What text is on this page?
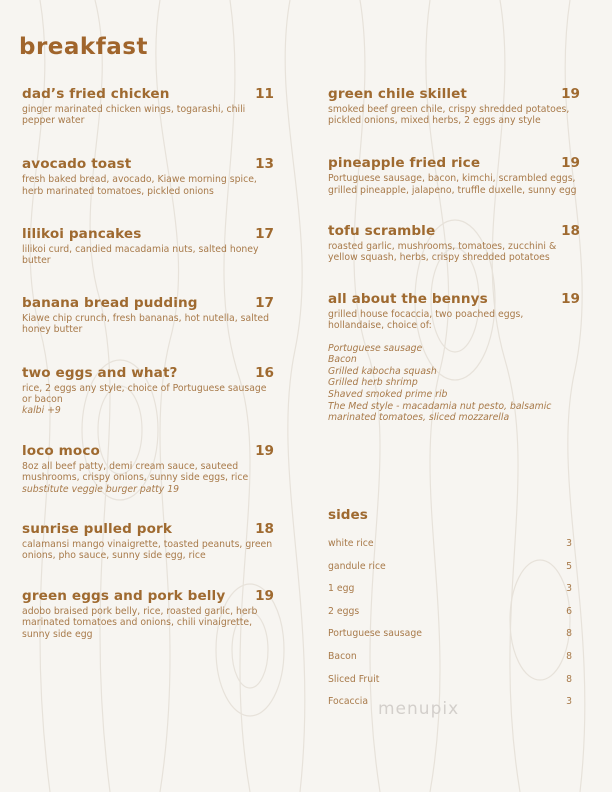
breakfast
dad’s fried chicken	11
ginger marinated chicken wings, togarashi, chili pepper water
avocado toast	13
fresh baked bread, avocado, Kiawe morning spice, herb marinated tomatoes, pickled onions
lilikoi pancakes	17
lilikoi curd, candied macadamia nuts, salted honey butter
banana bread pudding	17
Kiawe chip crunch, fresh bananas, hot nutella, salted honey butter
two eggs and what?	16
rice, 2 eggs any style, choice of Portuguese sausage or bacon
kalbi +9
loco moco	19
8oz all beef patty, demi cream sauce, sauteed mushrooms, crispy onions, sunny side eggs, rice
substitute veggie burger patty 19
sunrise pulled pork	18
calamansi mango vinaigrette, toasted peanuts, green onions, pho sauce, sunny side egg, rice
green eggs and pork belly 19
adobo braised pork belly, rice, roasted garlic, herb marinated tomatoes and onions, chili vinaigrette, sunny side egg
green chile skillet	19
smoked beef green chile, crispy shredded potatoes, pickled onions, mixed herbs, 2 eggs any style
pineapple fried rice	19
Portuguese sausage, bacon, kimchi, scrambled eggs, grilled pineapple, jalapeno, truffle duxelle, sunny egg
tofu scramble	18
roasted garlic, mushrooms, tomatoes, zucchini & yellow squash, herbs, crispy shredded potatoes
all about the bennys	19
grilled house focaccia, two poached eggs, hollandaise, choice of:
Portuguese sausage
Bacon
Grilled kabocha squash
Grilled herb shrimp
Shaved smoked prime rib
The Med style - macadamia nut pesto, balsamic marinated tomatoes, sliced mozzarella
sides
white rice	3
gandule rice	5
1 egg	3
2 eggs	6
Portuguese sausage	8
Bacon	8
Sliced Fruit	8
Focaccia	3
menupix
